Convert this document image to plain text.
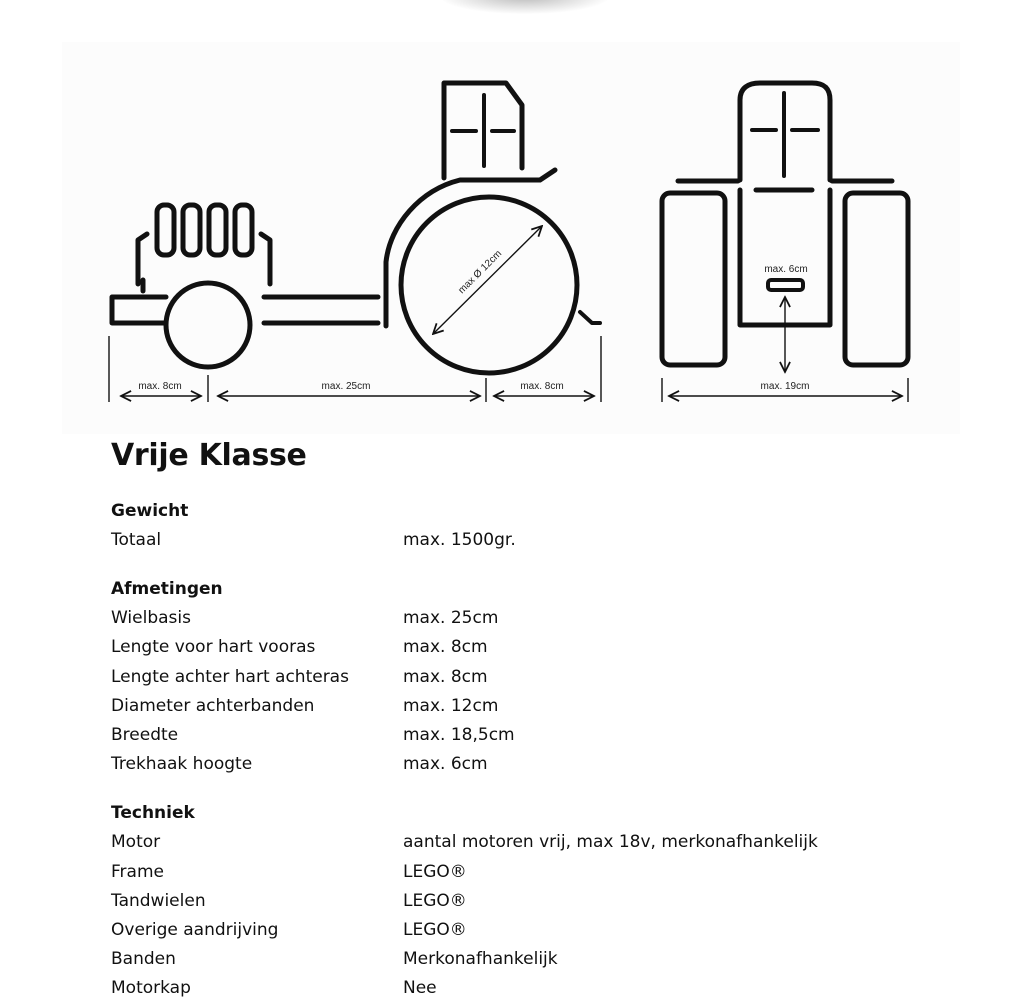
max. 8cm	max. 25cm	max. 8cm
max Ø 12cm	max. 6cm
max. 19cm
Vrije Klasse
Gewicht
Totaal	max. 1500gr.
Afmetingen
Wielbasis	max. 25cm
Lengte voor hart vooras	max. 8cm
Lengte achter hart achteras	max. 8cm
Diameter achterbanden	max. 12cm
Breedte	max. 18,5cm
Trekhaak hoogte	max. 6cm
Techniek
Motor	aantal motoren vrij, max 18v, merkonafhankelijk
Frame	LEGO®
Tandwielen	LEGO®
Overige aandrijving	LEGO®
Banden	Merkonafhankelijk
Motorkap	Nee
